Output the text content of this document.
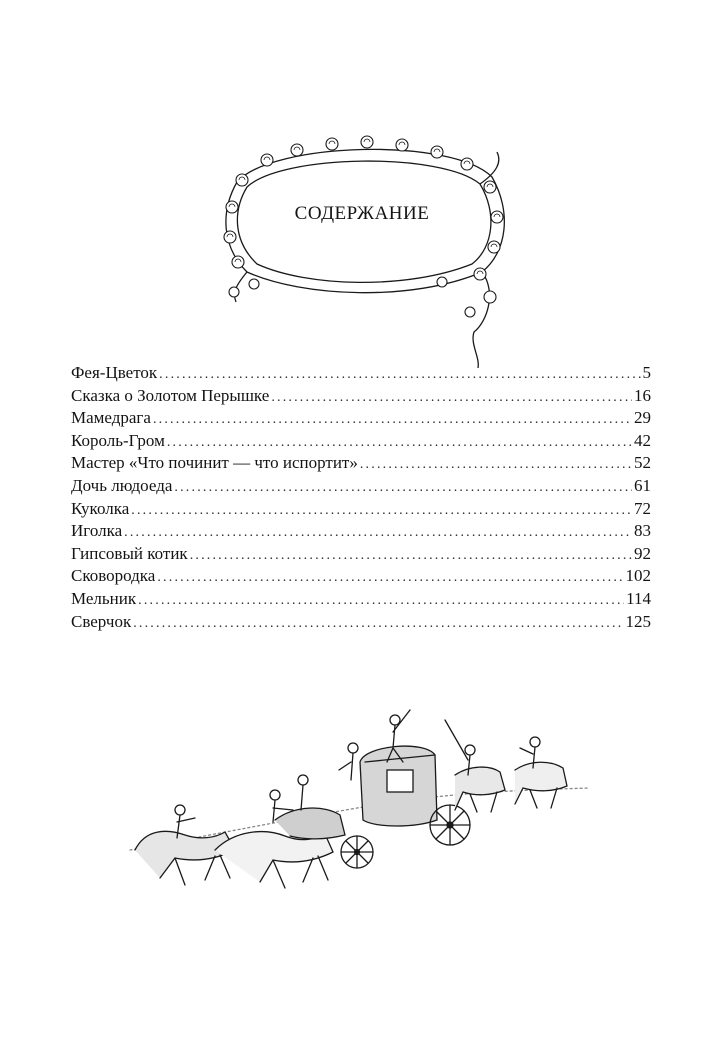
СОДЕРЖАНИЕ
Фея-Цветок .....	5
Сказка о Золотом Перышке .....	16
Мамедрага .....	29
Король-Гром .....	42
Мастер «Что починит — что испортит» .....	52
Дочь людоеда .....	61
Куколка .....	72
Иголка .....	83
Гипсовый котик .....	92
Сковородка .....	102
Мельник .....	114
Сверчок .....	125
